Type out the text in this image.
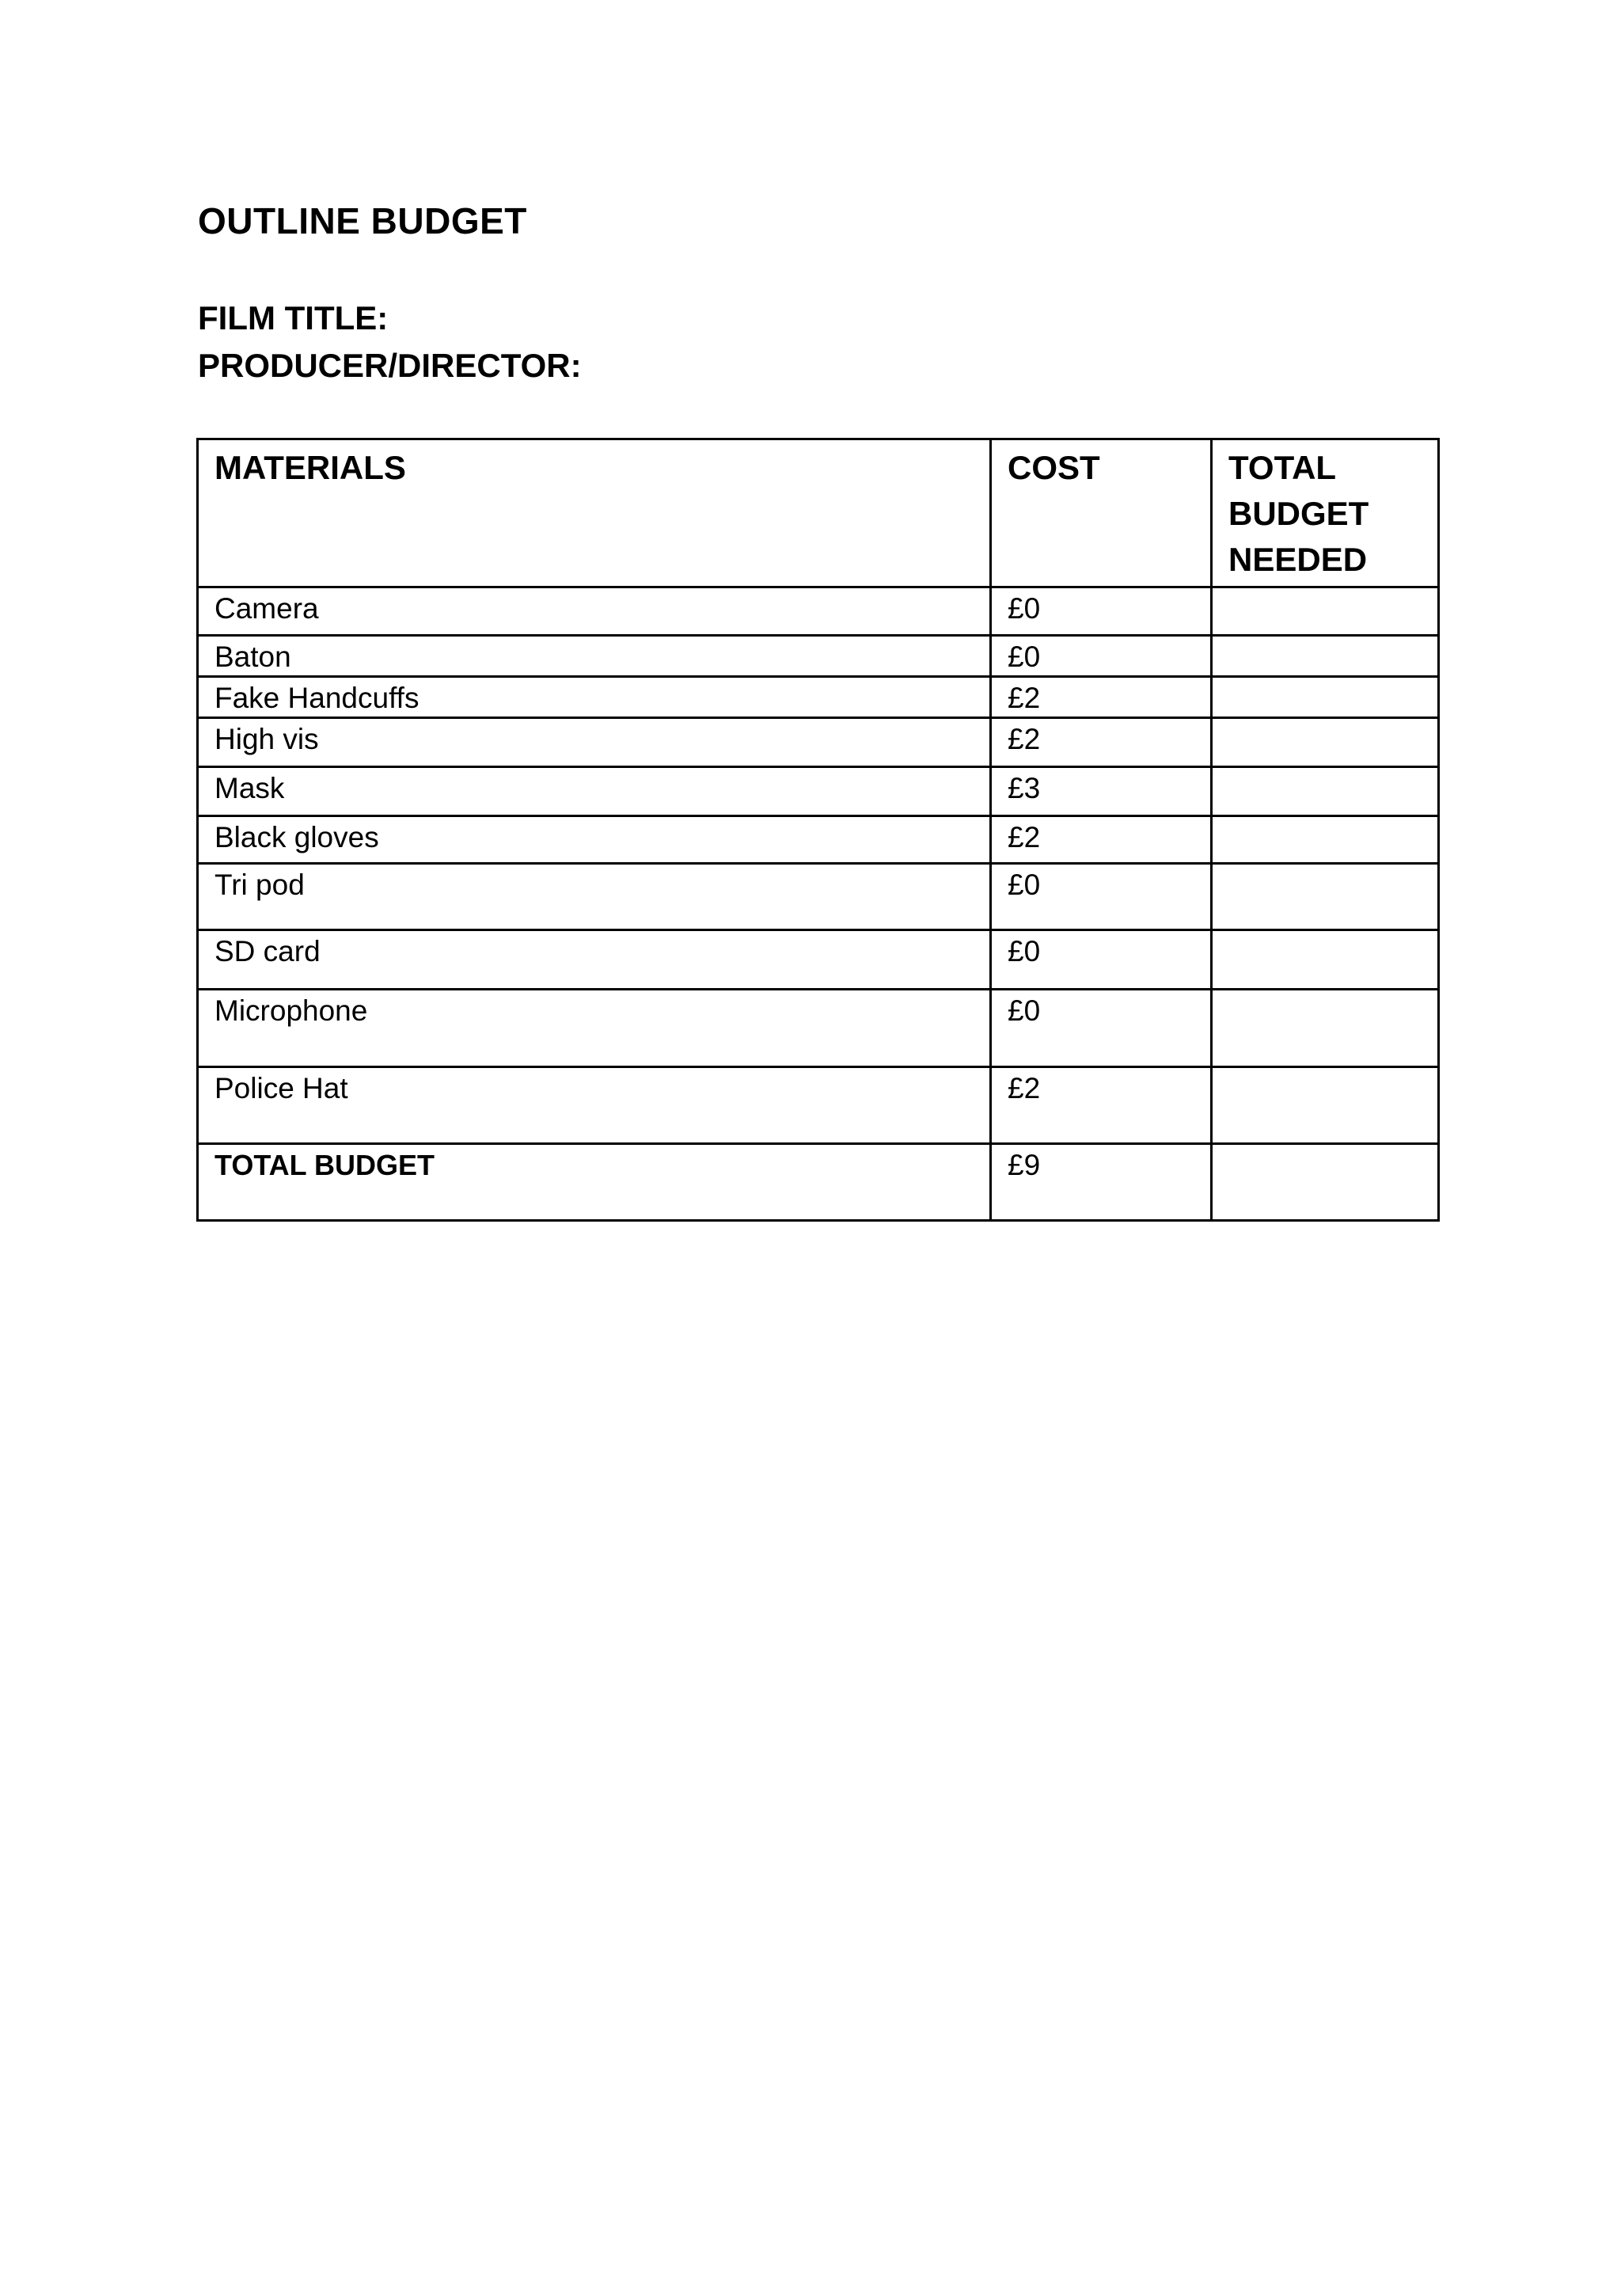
OUTLINE BUDGET

FILM TITLE:

PRODUCER/DIRECTOR:

MATERIALS	COST	TOTAL BUDGET NEEDED
Camera	£0	
Baton	£0	
Fake Handcuffs	£2	
High vis	£2	
Mask	£3	
Black gloves	£2	
Tri pod	£0	
SD card	£0	
Microphone	£0	
Police Hat	£2	
TOTAL BUDGET	£9	
